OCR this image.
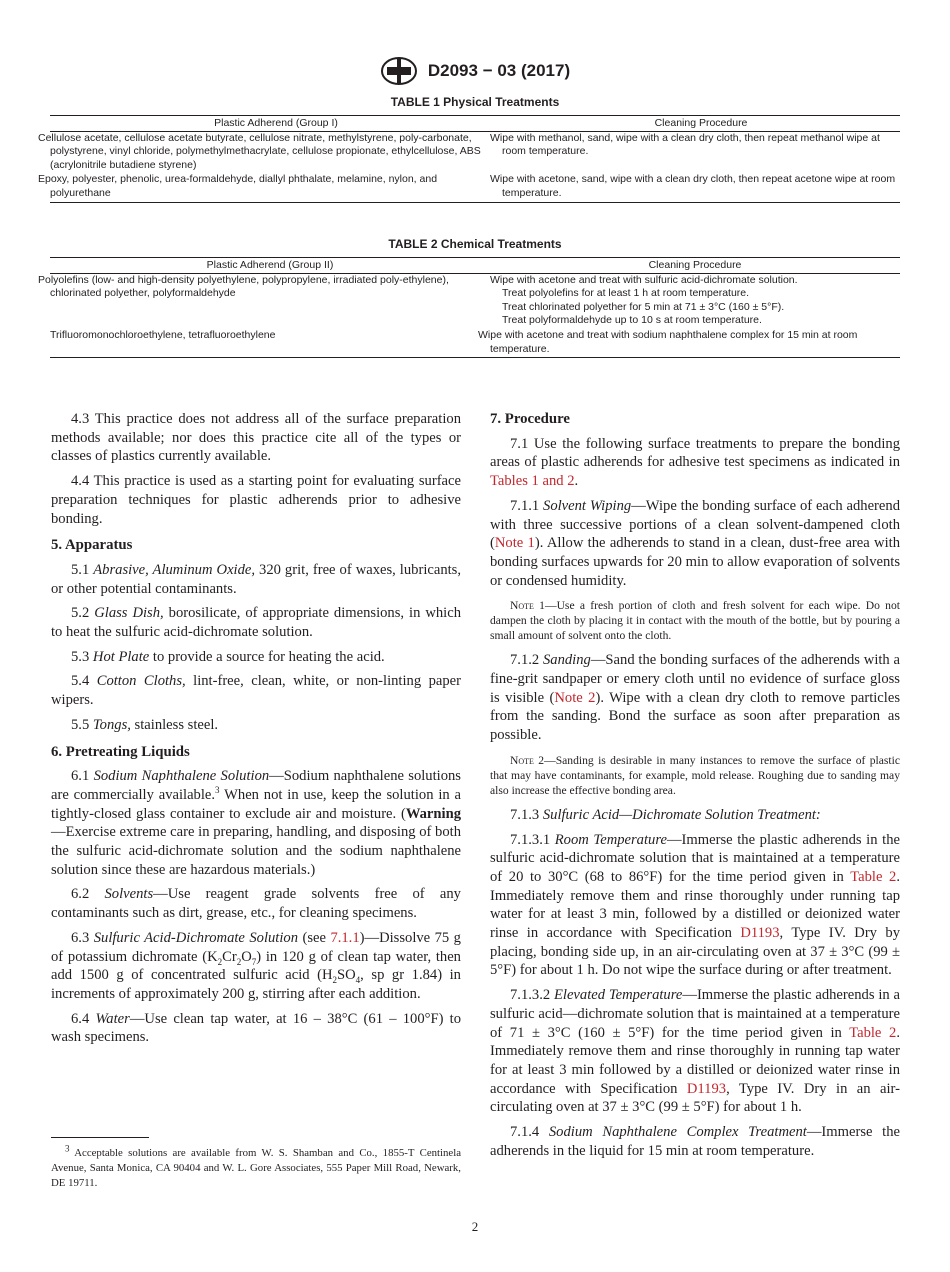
D2093 − 03 (2017)
TABLE 1 Physical Treatments
Plastic Adherend (Group I)	Cleaning Procedure
Cellulose acetate, cellulose acetate butyrate, cellulose nitrate, methylstyrene, poly-carbonate, polystyrene, vinyl chloride, polymethylmethacrylate, cellulose propionate, ethylcellulose, ABS (acrylonitrile butadiene styrene)	Wipe with methanol, sand, wipe with a clean dry cloth, then repeat methanol wipe at room temperature.
Epoxy, polyester, phenolic, urea-formaldehyde, diallyl phthalate, melamine, nylon, and polyurethane	Wipe with acetone, sand, wipe with a clean dry cloth, then repeat acetone wipe at room temperature.
TABLE 2 Chemical Treatments
Plastic Adherend (Group II)	Cleaning Procedure
Polyolefins (low- and high-density polyethylene, polypropylene, irradiated poly-ethylene), chlorinated polyether, polyformaldehyde	Wipe with acetone and treat with sulfuric acid-dichromate solution.
Treat polyolefins for at least 1 h at room temperature.
Treat chlorinated polyether for 5 min at 71 ± 3°C (160 ± 5°F).
Treat polyformaldehyde up to 10 s at room temperature.

Trifluoromonochloroethylene, tetrafluoroethylene	Wipe with acetone and treat with sodium naphthalene complex for 15 min at room temperature.

4.3 This practice does not address all of the surface preparation methods available; nor does this practice cite all of the types or classes of plastics currently available.

4.4 This practice is used as a starting point for evaluating surface preparation techniques for plastic adherends prior to adhesive bonding.

5. Apparatus

5.1 Abrasive, Aluminum Oxide, 320 grit, free of waxes, lubricants, or other potential contaminants.

5.2 Glass Dish, borosilicate, of appropriate dimensions, in which to heat the sulfuric acid-dichromate solution.

5.3 Hot Plate to provide a source for heating the acid.

5.4 Cotton Cloths, lint-free, clean, white, or non-linting paper wipers.

5.5 Tongs, stainless steel.

6. Pretreating Liquids

6.1 Sodium Naphthalene Solution—Sodium naphthalene solutions are commercially available.$^3$ When not in use, keep the solution in a tightly-closed glass container to exclude air and moisture. (Warning—Exercise extreme care in preparing, handling, and disposing of both the sulfuric acid-dichromate solution and the sodium naphthalene solution since these are hazardous materials.)

6.2 Solvents—Use reagent grade solvents free of any contaminants such as dirt, grease, etc., for cleaning specimens.

6.3 Sulfuric Acid-Dichromate Solution (see 7.1.1)—Dissolve 75 g of potassium dichromate $(K_2Cr_2O_7)$ in 120 g of clean tap water, then add 1500 g of concentrated sulfuric acid ($H_2SO_4$, sp gr 1.84) in increments of approximately 200 g, stirring after each addition.

6.4 Water—Use clean tap water, at 16 – 38°C (61 – 100°F) to wash specimens.

$^3$ Acceptable solutions are available from W. S. Shamban and Co., 1855-T Centinela Avenue, Santa Monica, CA 90404 and W. L. Gore Associates, 555 Paper Mill Road, Newark, DE 19711.
7. Procedure

7.1 Use the following surface treatments to prepare the bonding areas of plastic adherends for adhesive test specimens as indicated in Tables 1 and 2.

7.1.1 Solvent Wiping—Wipe the bonding surface of each adherend with three successive portions of a clean solvent-dampened cloth (Note 1). Allow the adherends to stand in a clean, dust-free area with bonding surfaces upwards for 20 min to allow evaporation of solvents or condensed humidity.

Note 1—Use a fresh portion of cloth and fresh solvent for each wipe. Do not dampen the cloth by placing it in contact with the mouth of the bottle, but by pouring a small amount of solvent onto the cloth.

7.1.2 Sanding—Sand the bonding surfaces of the adherends with a fine-grit sandpaper or emery cloth until no evidence of surface gloss is visible (Note 2). Wipe with a clean dry cloth to remove particles from the sanding. Bond the surface as soon after preparation as possible.

Note 2—Sanding is desirable in many instances to remove the surface of plastic that may have contaminants, for example, mold release. Roughing due to sanding may also increase the effective bonding area.

7.1.3 Sulfuric Acid—Dichromate Solution Treatment:

7.1.3.1 Room Temperature—Immerse the plastic adherends in the sulfuric acid-dichromate solution that is maintained at a temperature of 20 to 30°C (68 to 86°F) for the time period given in Table 2. Immediately remove them and rinse thoroughly under running tap water for at least 3 min, followed by a distilled or deionized water rinse in accordance with Specification D1193, Type IV. Dry by placing, bonding side up, in an air-circulating oven at 37 ± 3°C (99 ± 5°F) for about 1 h. Do not wipe the surface during or after treatment.

7.1.3.2 Elevated Temperature—Immerse the plastic adherends in a sulfuric acid—dichromate solution that is maintained at a temperature of 71 ± 3°C (160 ± 5°F) for the time period given in Table 2. Immediately remove them and rinse thoroughly in running tap water for at least 3 min followed by a distilled or deionized water rinse in accordance with Specification D1193, Type IV. Dry in an air-circulating oven at 37 ± 3°C (99 ± 5°F) for about 1 h.

7.1.4 Sodium Naphthalene Complex Treatment—Immerse the adherends in the liquid for 15 min at room temperature.

2
